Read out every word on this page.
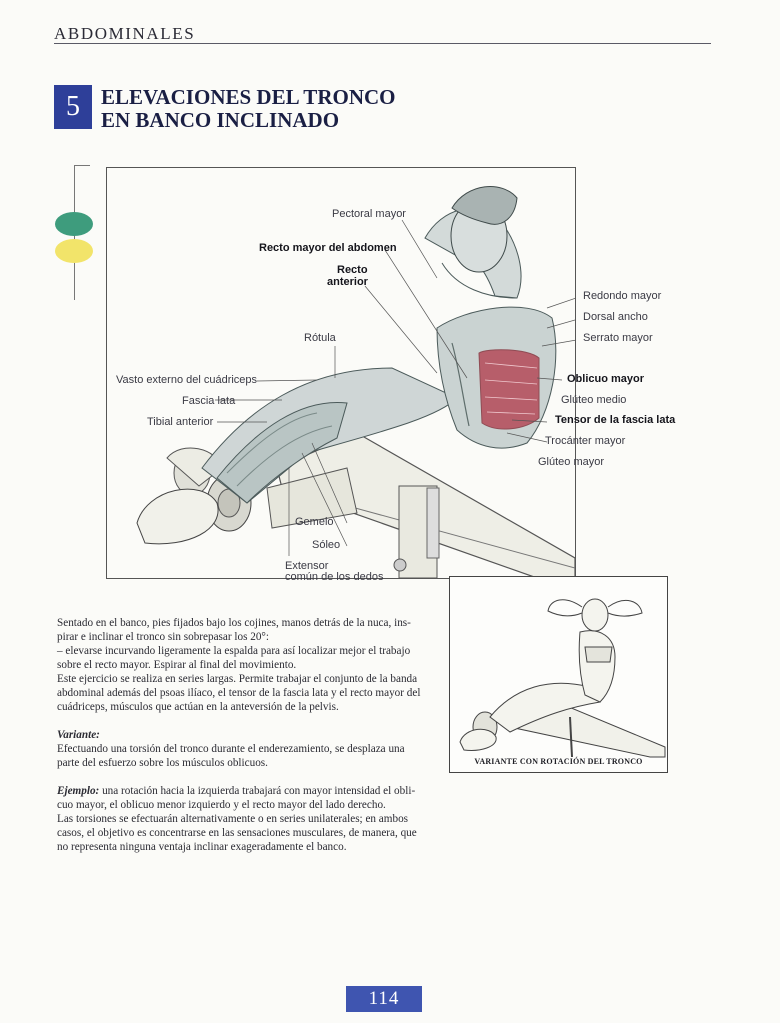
ABDOMINALES
5	ELEVACIONES DEL TRONCO
EN BANCO INCLINADO
Pectoral mayor
Recto mayor del abdomen
Recto
anterior
Rótula
Gemelo
Sóleo
Extensor
Vasto externo del cuádriceps
Fascia lata
Tibial anterior
común de los dedos
Redondo mayor
Dorsal ancho
Serrato mayor
Oblicuo mayor
Glúteo medio
Tensor de la fascia lata
Trocánter mayor
Glúteo mayor
VARIANTE CON ROTACIÓN DEL TRONCO

Sentado en el banco, pies fijados bajo los cojines, manos detrás de la nuca, ins-

pirar e inclinar el tronco sin sobrepasar los 20°:

– elevarse incurvando ligeramente la espalda para así localizar mejor el trabajo

sobre el recto mayor. Espirar al final del movimiento.

Este ejercicio se realiza en series largas. Permite trabajar el conjunto de la banda

abdominal además del psoas ilíaco, el tensor de la fascia lata y el recto mayor del

cuádriceps, músculos que actúan en la anteversión de la pelvis.

Variante:

Efectuando una torsión del tronco durante el enderezamiento, se desplaza una

parte del esfuerzo sobre los músculos oblicuos.

Ejemplo: una rotación hacia la izquierda trabajará con mayor intensidad el obli-

cuo mayor, el oblicuo menor izquierdo y el recto mayor del lado derecho.

Las torsiones se efectuarán alternativamente o en series unilaterales; en ambos

casos, el objetivo es concentrarse en las sensaciones musculares, de manera, que

no representa ninguna ventaja inclinar exageradamente el banco.

114
